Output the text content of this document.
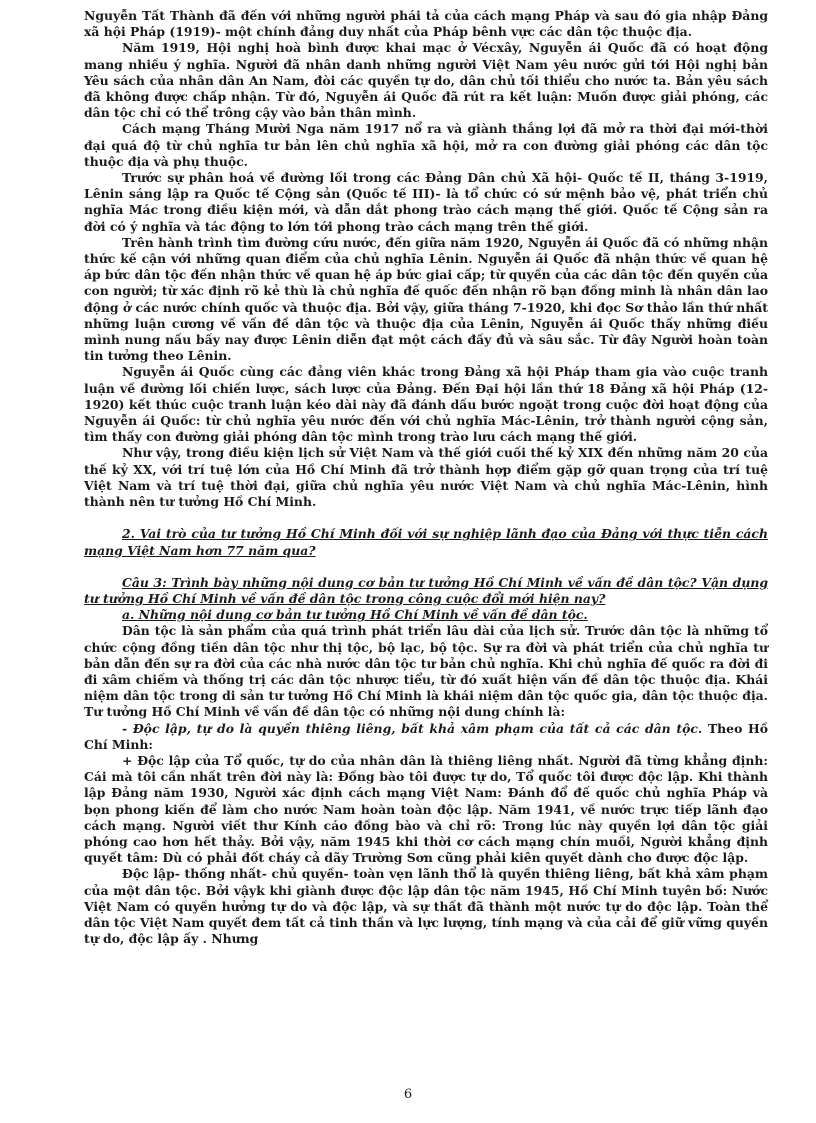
Nguyễn Tất Thành đã đến với những người phái tả của cách mạng Pháp và sau đó gia nhập Đảng xã hội Pháp (1919)- một chính đảng duy nhất của Pháp bênh vực các dân tộc thuộc địa.

Năm 1919, Hội nghị hoà bình được khai mạc ở Vécxây, Nguyễn ái Quốc đã có hoạt động mang nhiều ý nghĩa. Người đã nhân danh những người Việt Nam yêu nước gửi tới Hội nghị bản Yêu sách của nhân dân An Nam, đòi các quyền tự do, dân chủ tối thiểu cho nước ta. Bản yêu sách đã không được chấp nhận. Từ đó, Nguyễn ái Quốc đã rút ra kết luận: Muốn được giải phóng, các dân tộc chỉ có thể trông cậy vào bản thân mình.

Cách mạng Tháng Mười Nga năm 1917 nổ ra và giành thắng lợi đã mở ra thời đại mới-thời đại quá độ từ chủ nghĩa tư bản lên chủ nghĩa xã hội, mở ra con đường giải phóng các dân tộc thuộc địa và phụ thuộc.

Trước sự phân hoá về đường lối trong các Đảng Dân chủ Xã hội- Quốc tế II, tháng 3-1919, Lênin sáng lập ra Quốc tế Cộng sản (Quốc tế III)- là tổ chức có sứ mệnh bảo vệ, phát triển chủ nghĩa Mác trong điều kiện mới, và dẫn dắt phong trào cách mạng thế giới. Quốc tế Cộng sản ra đời có ý nghĩa và tác động to lớn tới phong trào cách mạng trên thế giới.

Trên hành trình tìm đường cứu nước, đến giữa năm 1920, Nguyễn ái Quốc đã có những nhận thức kế cận với những quan điểm của chủ nghĩa Lênin. Nguyễn ái Quốc đã nhận thức về quan hệ áp bức dân tộc đến nhận thức về quan hệ áp bức giai cấp; từ quyền của các dân tộc đến quyền của con người; từ xác định rõ kẻ thù là chủ nghĩa đế quốc đến nhận rõ bạn đồng minh là nhân dân lao động ở các nước chính quốc và thuộc địa. Bởi vậy, giữa tháng 7-1920, khi đọc Sơ thảo lần thứ nhất những luận cương về vấn đề dân tộc và thuộc địa của Lênin, Nguyễn ái Quốc thấy những điều mình nung nấu bấy nay được Lênin diễn đạt một cách đầy đủ và sâu sắc. Từ đây Người hoàn toàn tin tưởng theo Lênin.

Nguyễn ái Quốc cùng các đảng viên khác trong Đảng xã hội Pháp tham gia vào cuộc tranh luận về đường lối chiến lược, sách lược của Đảng. Đến Đại hội lần thứ 18 Đảng xã hội Pháp (12-1920) kết thúc cuộc tranh luận kéo dài này đã đánh dấu bước ngoặt trong cuộc đời hoạt động của Nguyễn ái Quốc: từ chủ nghĩa yêu nước đến với chủ nghĩa Mác-Lênin, trở thành người cộng sản, tìm thấy con đường giải phóng dân tộc mình trong trào lưu cách mạng thế giới.

Như vậy, trong điều kiện lịch sử Việt Nam và thế giới cuối thế kỷ XIX đến những năm 20 của thế kỷ XX, với trí tuệ lớn của Hồ Chí Minh đã trở thành hợp điểm gặp gỡ quan trọng của trí tuệ Việt Nam và trí tuệ thời đại, giữa chủ nghĩa yêu nước Việt Nam và chủ nghĩa Mác-Lênin, hình thành nên tư tưởng Hồ Chí Minh.

2. Vai trò của tư tưởng Hồ Chí Minh đối với sự nghiệp lãnh đạo của Đảng với thực tiễn cách mạng Việt Nam hơn 77 năm qua?

Câu 3: Trình bày những nội dung cơ bản tư tưởng Hồ Chí Minh về vấn đề dân tộc? Vận dụng tư tưởng Hồ Chí Minh về vấn đề dân tộc trong công cuộc đổi mới hiện nay?

a. Những nội dung cơ bản tư tưởng Hồ Chí Minh về vấn đề dân tộc.

Dân tộc là sản phẩm của quá trình phát triển lâu dài của lịch sử. Trước dân tộc là những tổ chức cộng đồng tiền dân tộc như thị tộc, bộ lạc, bộ tộc. Sự ra đời và phát triển của chủ nghĩa tư bản dẫn đến sự ra đời của các nhà nước dân tộc tư bản chủ nghĩa. Khi chủ nghĩa đế quốc ra đời đi đi xâm chiếm và thống trị các dân tộc nhược tiểu, từ đó xuất hiện vấn đề dân tộc thuộc địa. Khái niệm dân tộc trong di sản tư tưởng Hồ Chí Minh là khái niệm dân tộc quốc gia, dân tộc thuộc địa. Tư tưởng Hồ Chí Minh về vấn đề dân tộc có những nội dung chính là:

- Độc lập, tự do là quyền thiêng liêng, bất khả xâm phạm của tất cả các dân tộc. Theo Hồ Chí Minh:

+ Độc lập của Tổ quốc, tự do của nhân dân là thiêng liêng nhất. Người đã từng khẳng định: Cái mà tôi cần nhất trên đời này là: Đồng bào tôi được tự do, Tổ quốc tôi được độc lập. Khi thành lập Đảng năm 1930, Người xác định cách mạng Việt Nam: Đánh đổ đế quốc chủ nghĩa Pháp và bọn phong kiến để làm cho nước Nam hoàn toàn độc lập. Năm 1941, về nước trực tiếp lãnh đạo cách mạng. Người viết thư Kính cáo đồng bào và chỉ rõ: Trong lúc này quyền lợi dân tộc giải phóng cao hơn hết thảy. Bởi vậy, năm 1945 khi thời cơ cách mạng chín muồi, Người khẳng định quyết tâm: Dù có phải đốt cháy cả dãy Trường Sơn cũng phải kiên quyết dành cho được độc lập.

Độc lập- thống nhất- chủ quyền- toàn vẹn lãnh thổ là quyền thiêng liêng, bất khả xâm phạm của một dân tộc. Bởi vậyk khi giành được độc lập dân tộc năm 1945, Hồ Chí Minh tuyên bố: Nước Việt Nam có quyền hưởng tự do và độc lập, và sự thất đã thành một nước tự do độc lập. Toàn thể dân tộc Việt Nam quyết đem tất cả tinh thần và lực lượng, tính mạng và của cải để giữ vững quyền tự do, độc lập ấy . Nhưng

6
